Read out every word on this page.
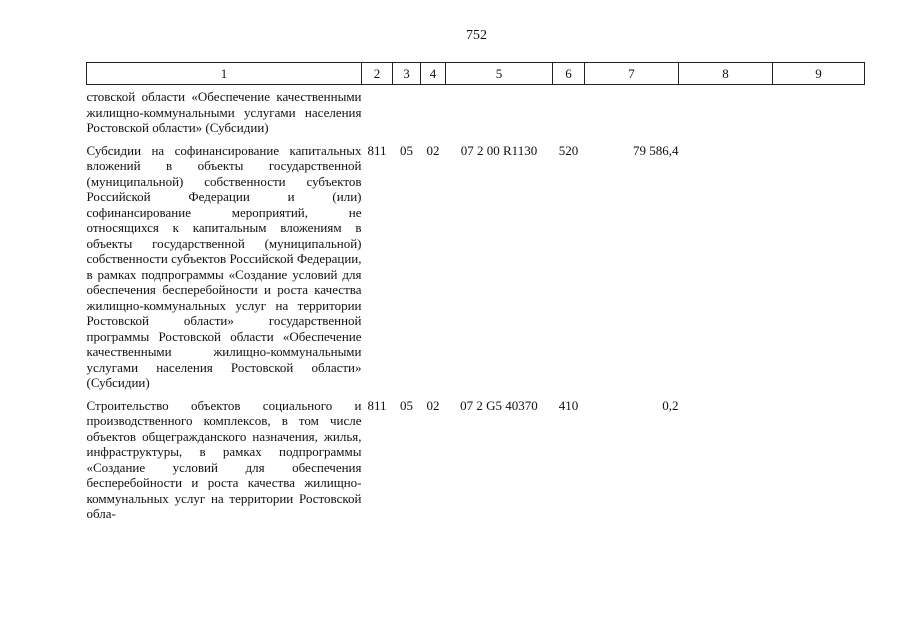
752
1	2	3	4	5	6	7	8	9
стовской области «Обеспечение качественными жилищно-коммунальными услугами населения Ростовской области» (Субсидии)								
Субсидии на софинансирование капитальных вложений в объекты государственной (муниципальной) собственности субъектов Российской Федерации и (или) софинансирование мероприятий, не относящихся к капитальным вложениям в объекты государственной (муниципальной) собственности субъектов Российской Федерации, в рамках подпрограммы «Создание условий для обеспечения бесперебойности и роста качества жилищно-коммунальных услуг на территории Ростовской области» государственной программы Ростовской области «Обеспечение качественными жилищно-коммунальными услугами населения Ростовской области» (Субсидии)	811	05	02	07 2 00 R1130	520	79 586,4		
Строительство объектов социального и производственного комплексов, в том числе объектов общегражданского назначения, жилья, инфраструктуры, в рамках подпрограммы «Создание условий для обеспечения бесперебойности и роста качества жилищно-коммунальных услуг на территории Ростовской обла-	811	05	02	07 2 G5 40370	410	0,2		
